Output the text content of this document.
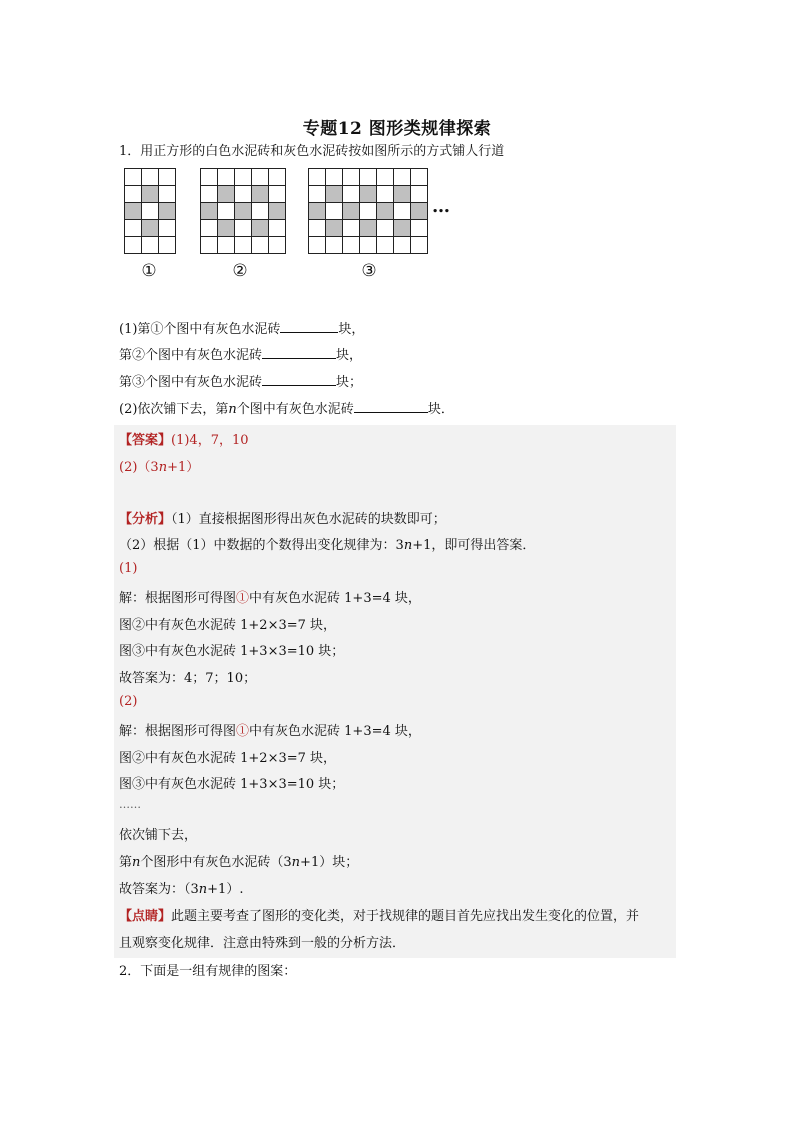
专题12 图形类规律探索
1．用正方形的白色水泥砖和灰色水泥砖按如图所示的方式铺人行道
…
①	②	③
(1)第①个图中有灰色水泥砖	块，
第②个图中有灰色水泥砖	块，
第③个图中有灰色水泥砖	块；
(2)依次铺下去，第n个图中有灰色水泥砖	块．
【答案】(1)4，7，10
(2)（3n+1）
【分析】（1）直接根据图形得出灰色水泥砖的块数即可；
（2）根据（1）中数据的个数得出变化规律为：3n+1，即可得出答案．
(1)
解：根据图形可得图①中有灰色水泥砖 1+3=4 块，
图②中有灰色水泥砖 1+2×3=7 块，
图③中有灰色水泥砖 1+3×3=10 块；
故答案为：4；7；10；
(2)
解：根据图形可得图①中有灰色水泥砖 1+3=4 块，
图②中有灰色水泥砖 1+2×3=7 块，
图③中有灰色水泥砖 1+3×3=10 块；
……
依次铺下去，
第n个图形中有灰色水泥砖（3n+1）块；
故答案为：（3n+1）.
【点睛】此题主要考查了图形的变化类，对于找规律的题目首先应找出发生变化的位置，并
且观察变化规律．注意由特殊到一般的分析方法．
2．下面是一组有规律的图案：
